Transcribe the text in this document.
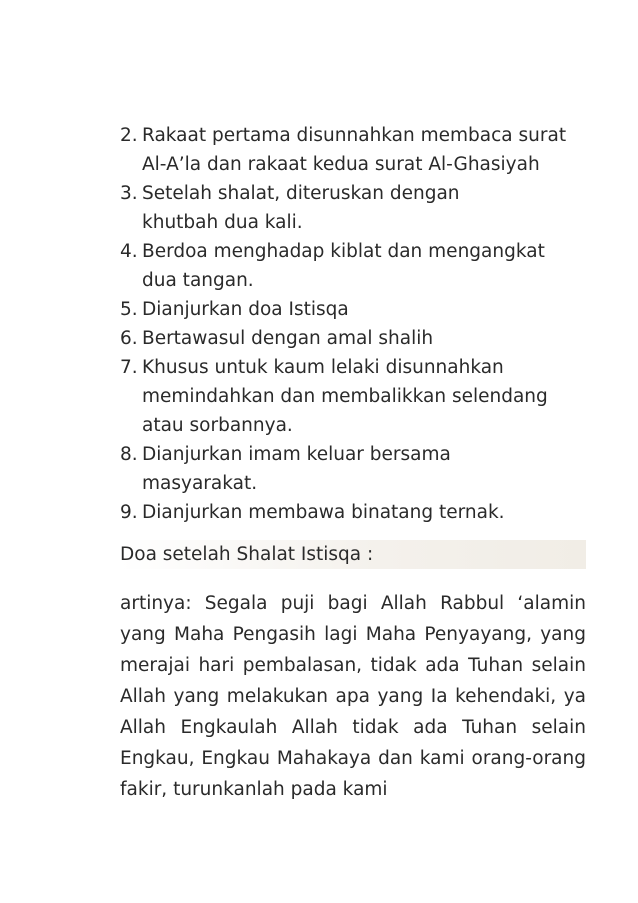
2. Rakaat pertama disunnahkan membaca surat
Al-A’la dan rakaat kedua surat Al-Ghasiyah
3. Setelah shalat, diteruskan dengan
khutbah dua kali.
4. Berdoa menghadap kiblat dan mengangkat
dua tangan.
5. Dianjurkan doa Istisqa
6. Bertawasul dengan amal shalih
7. Khusus untuk kaum lelaki disunnahkan
memindahkan dan membalikkan selendang
atau sorbannya.
8. Dianjurkan imam keluar bersama
masyarakat.
9. Dianjurkan membawa binatang ternak.
Doa setelah Shalat Istisqa :

artinya: Segala puji bagi Allah Rabbul ‘alamin yang Maha Pengasih lagi Maha Penyayang, yang merajai hari pembalasan, tidak ada Tuhan selain Allah yang melakukan apa yang Ia kehendaki, ya Allah Engkaulah Allah tidak ada Tuhan selain Engkau, Engkau Mahakaya dan kami orang-orang fakir, turunkanlah pada kami
